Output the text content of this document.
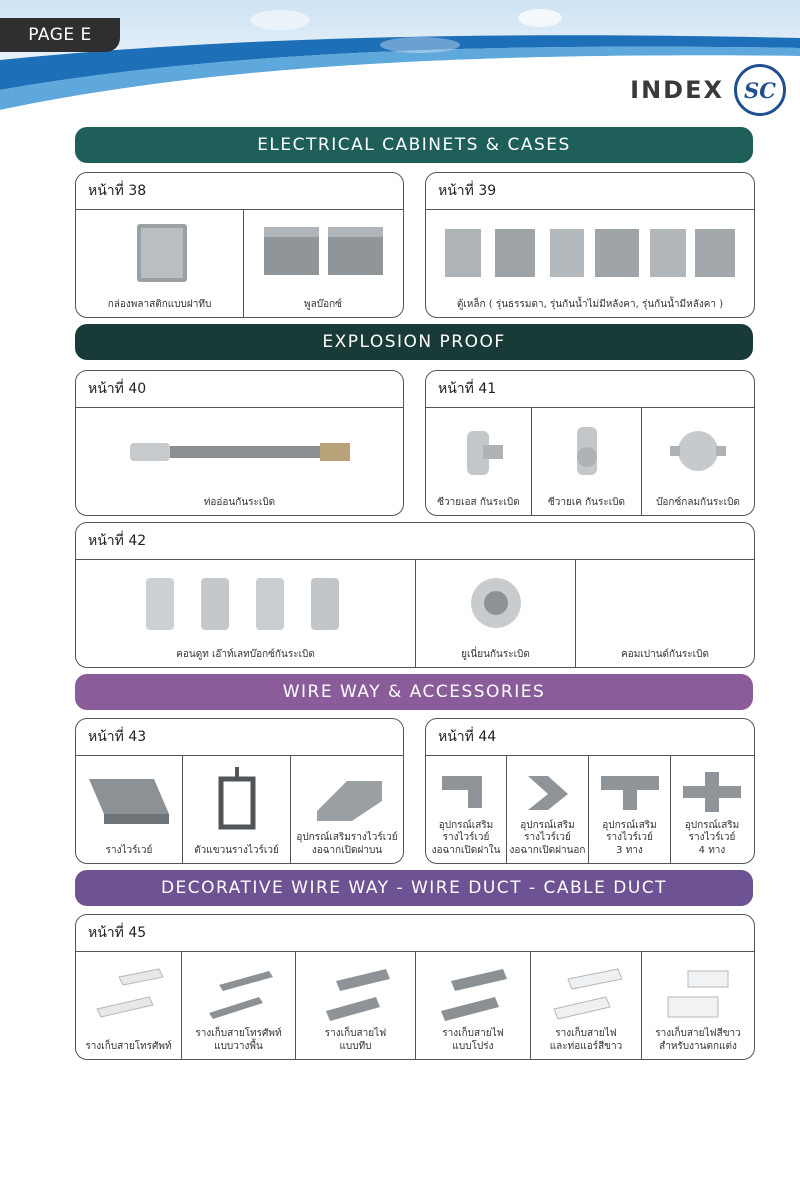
PAGE E
INDEX SC
ELECTRICAL CABINETS & CASES
หน้าที่ 38
กล่องพลาสติกแบบฝาทึบ	พูลบ๊อกซ์
หน้าที่ 39
ตู้เหล็ก ( รุ่นธรรมดา, รุ่นกันน้ำไม่มีหลังคา, รุ่นกันน้ำมีหลังคา )
EXPLOSION PROOF
หน้าที่ 40
ท่ออ่อนกันระเบิด
หน้าที่ 41
ซีวายเอส กันระเบิด	ซีวายเค กันระเบิด	บ๊อกซ์กลมกันระเบิด
หน้าที่ 42
คอนดูท เอ๊าท์เลทบ๊อกซ์กันระเบิด	ยูเนี่ยนกันระเบิด	คอมเปานด์กันระเบิด
WIRE WAY & ACCESSORIES
หน้าที่ 43
รางไวร์เวย์	ตัวแขวนรางไวร์เวย์
อุปกรณ์เสริมรางไวร์เวย์
งอฉากเปิดฝาบน
หน้าที่ 44
อุปกรณ์เสริม
รางไวร์เวย์
งอฉากเปิดฝาใน
อุปกรณ์เสริม
รางไวร์เวย์
งอฉากเปิดฝานอก
อุปกรณ์เสริม
รางไวร์เวย์
3 ทาง
อุปกรณ์เสริม
รางไวร์เวย์
4 ทาง
DECORATIVE WIRE WAY - WIRE DUCT - CABLE DUCT
หน้าที่ 45
รางเก็บสายโทรศัพท์
รางเก็บสายโทรศัพท์
แบบวางพื้น
รางเก็บสายไฟ
แบบทึบ
รางเก็บสายไฟ
แบบโปร่ง
รางเก็บสายไฟ
และท่อแอร์สีขาว
รางเก็บสายไฟสีขาว
สำหรับงานตกแต่ง
